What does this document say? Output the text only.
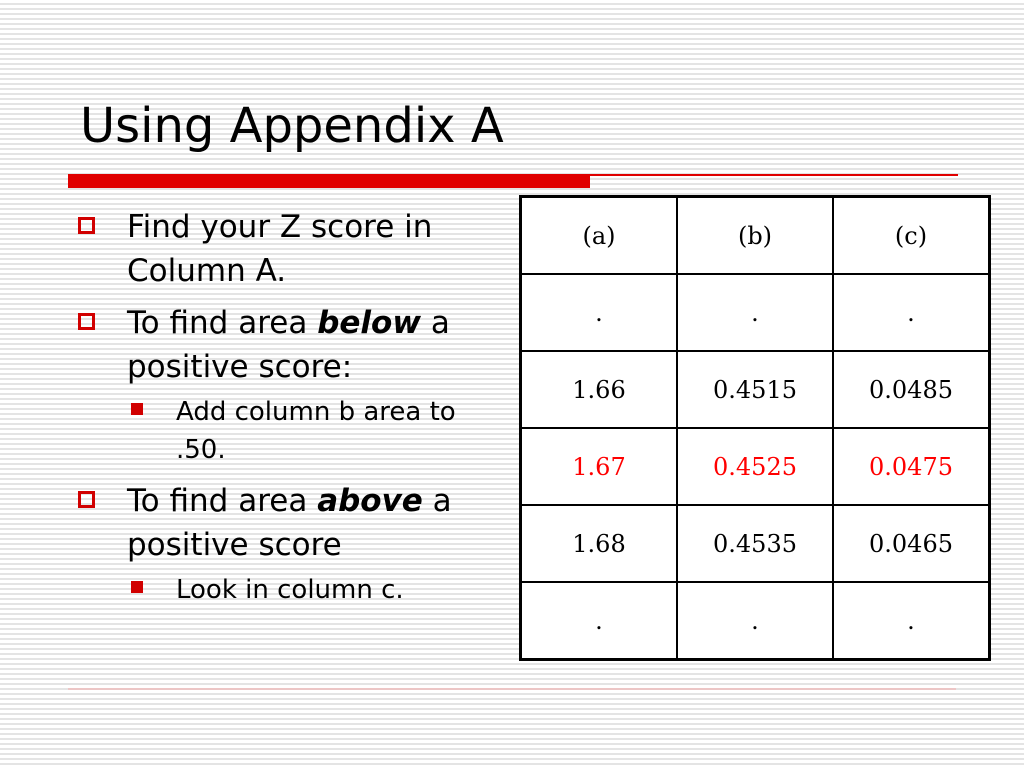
Using Appendix A
Find your Z score in Column A.
To find area below a positive score:
Add column b area to .50.
To find area above a positive score
Look in column c.
(a)	(b)	(c)
.	.	.
1.66	0.4515	0.0485
1.67	0.4525	0.0475
1.68	0.4535	0.0465
.	.	.
